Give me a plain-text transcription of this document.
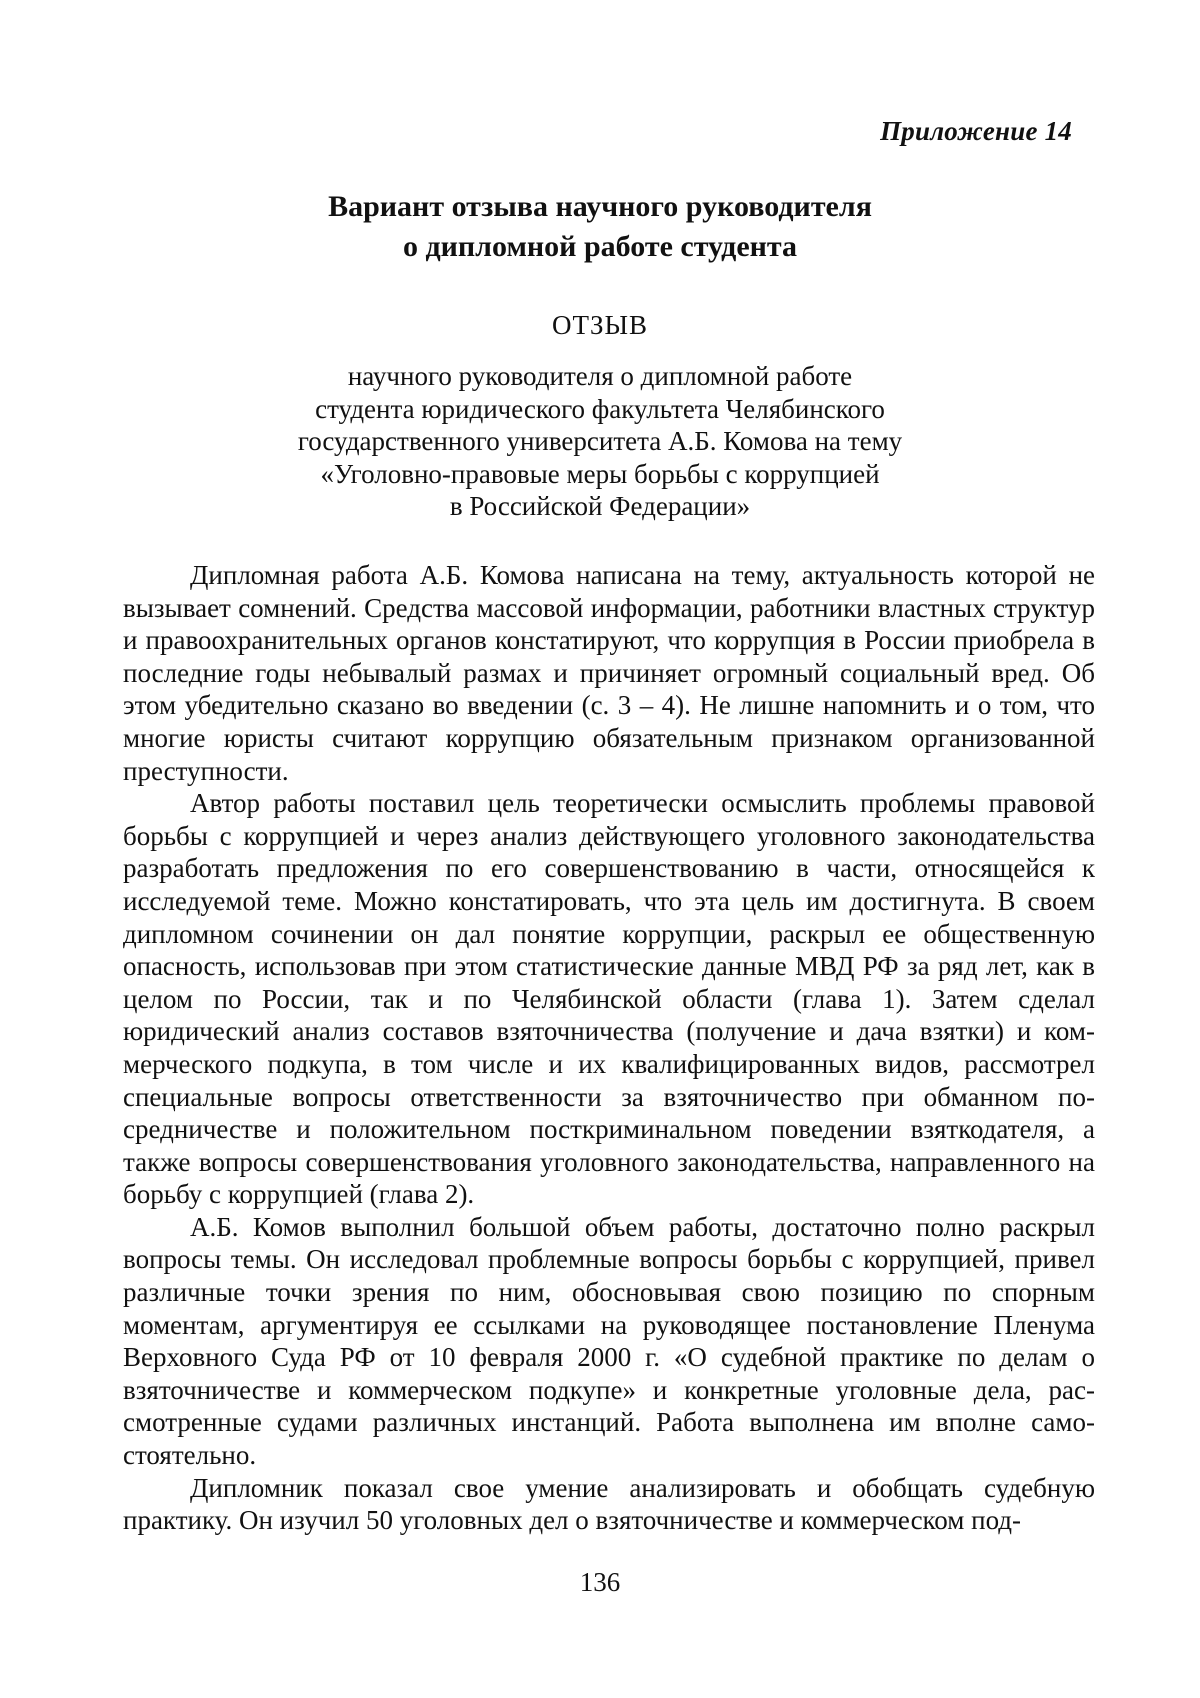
Приложение 14
Вариант отзыва научного руководителя
о дипломной работе студента
ОТЗЫВ
научного руководителя о дипломной работе
студента юридического факультета Челябинского
государственного университета А.Б. Комова на тему
«Уголовно-правовые меры борьбы с коррупцией
в Российской Федерации»

Дипломная работа А.Б. Комова написана на тему, актуальность которой не вызывает сомнений. Средства массовой информации, работники властных структур и правоохранительных органов констатируют, что коррупция в России приобрела в последние годы небывалый размах и причиняет огромный социальный вред. Об этом убедительно сказано во введении (с. 3 – 4). Не лишне напомнить и о том, что многие юристы считают коррупцию обязательным признаком организованной преступности.

Автор работы поставил цель теоретически осмыслить проблемы правовой борьбы с коррупцией и через анализ действующего уголовного законодательства разработать предложения по его совершенствованию в части, относящейся к исследуемой теме. Можно констатировать, что эта цель им достигнута. В своем дипломном сочинении он дал понятие коррупции, раскрыл ее общественную опасность, использовав при этом статистические данные МВД РФ за ряд лет, как в целом по России, так и по Челябинской области (глава 1). Затем сделал юридический анализ составов взяточничества (получение и дача взятки) и коммерческого подкупа, в том числе и их квалифицированных видов, рассмотрел специальные вопросы ответственности за взяточничество при обманном посредничестве и положительном посткриминальном поведении взяткодателя, а также вопросы совершенствования уголовного законодательства, направленного на борьбу с коррупцией (глава 2).

А.Б. Комов выполнил большой объем работы, достаточно полно раскрыл вопросы темы. Он исследовал проблемные вопросы борьбы с коррупцией, привел различные точки зрения по ним, обосновывая свою позицию по спорным моментам, аргументируя ее ссылками на руководящее постановление Пленума Верховного Суда РФ от 10 февраля 2000 г. «О судебной практике по делам о взяточничестве и коммерческом подкупе» и конкретные уголовные дела, рассмотренные судами различных инстанций. Работа выполнена им вполне самостоятельно.

Дипломник показал свое умение анализировать и обобщать судебную практику. Он изучил 50 уголовных дел о взяточничестве и коммерческом под-

136
